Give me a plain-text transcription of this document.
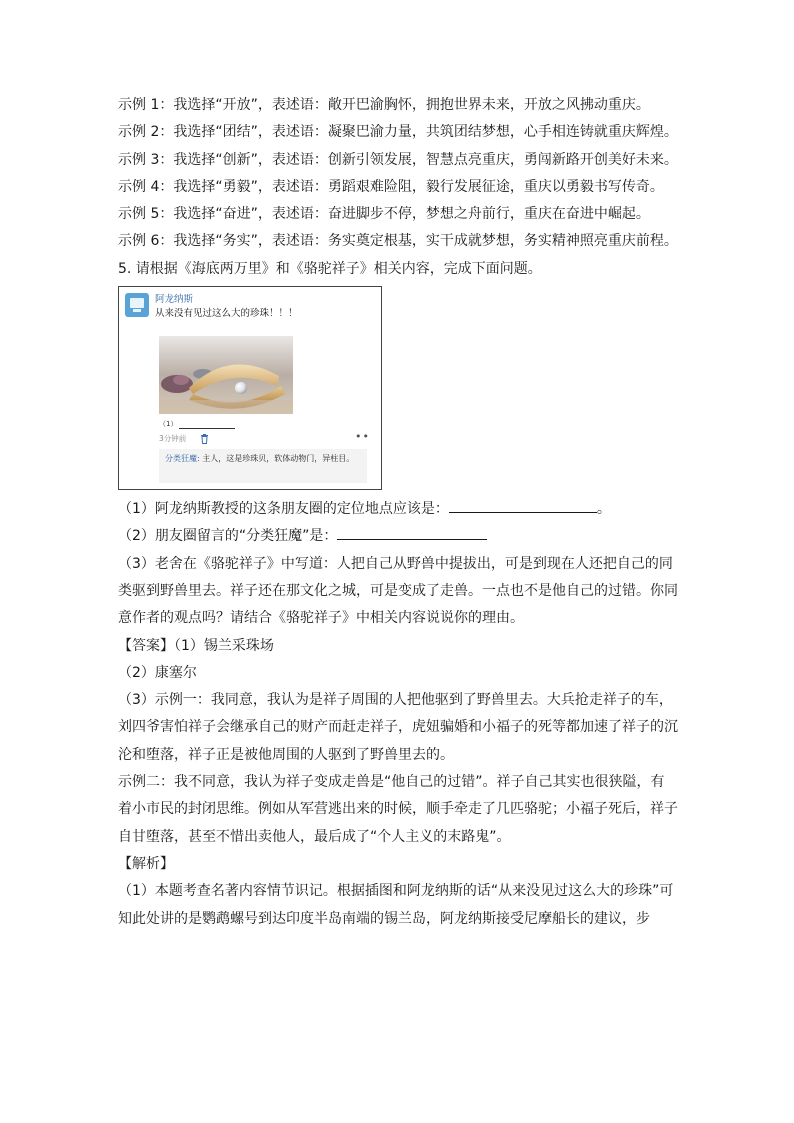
示例 1：我选择“开放”，表述语：敞开巴渝胸怀，拥抱世界未来，开放之风拂动重庆。

示例 2：我选择“团结”，表述语：凝聚巴渝力量，共筑团结梦想，心手相连铸就重庆辉煌。

示例 3：我选择“创新”，表述语：创新引领发展，智慧点亮重庆，勇闯新路开创美好未来。

示例 4：我选择“勇毅”，表述语：勇蹈艰难险阻，毅行发展征途，重庆以勇毅书写传奇。

示例 5：我选择“奋进”，表述语：奋进脚步不停，梦想之舟前行，重庆在奋进中崛起。

示例 6：我选择“务实”，表述语：务实奠定根基，实干成就梦想，务实精神照亮重庆前程。

5. 请根据《海底两万里》和《骆驼祥子》相关内容，完成下面问题。

阿龙纳斯
从来没有见过这么大的珍珠！！！
（1）
3分钟前	••
分类狂魔: 主人，这是珍珠贝，软体动物门，异柱目。

（1）阿龙纳斯教授的这条朋友圈的定位地点应该是：	。

（2）朋友圈留言的“分类狂魔”是：

（3）老舍在《骆驼祥子》中写道：人把自己从野兽中提拔出，可是到现在人还把自己的同类驱到野兽里去。祥子还在那文化之城，可是变成了走兽。一点也不是他自己的过错。你同意作者的观点吗？请结合《骆驼祥子》中相关内容说说你的理由。

【答案】（1）锡兰采珠场

（2）康塞尔

（3）示例一：我同意，我认为是祥子周围的人把他驱到了野兽里去。大兵抢走祥子的车，刘四爷害怕祥子会继承自己的财产而赶走祥子，虎妞骗婚和小福子的死等都加速了祥子的沉沦和堕落，祥子正是被他周围的人驱到了野兽里去的。

示例二：我不同意，我认为祥子变成走兽是“他自己的过错”。祥子自己其实也很狭隘，有着小市民的封闭思维。例如从军营逃出来的时候，顺手牵走了几匹骆驼；小福子死后，祥子自甘堕落，甚至不惜出卖他人，最后成了“个人主义的末路鬼”。

【解析】

（1）本题考查名著内容情节识记。根据插图和阿龙纳斯的话“从来没见过这么大的珍珠”可知此处讲的是鹦鹉螺号到达印度半岛南端的锡兰岛，阿龙纳斯接受尼摩船长的建议，步
